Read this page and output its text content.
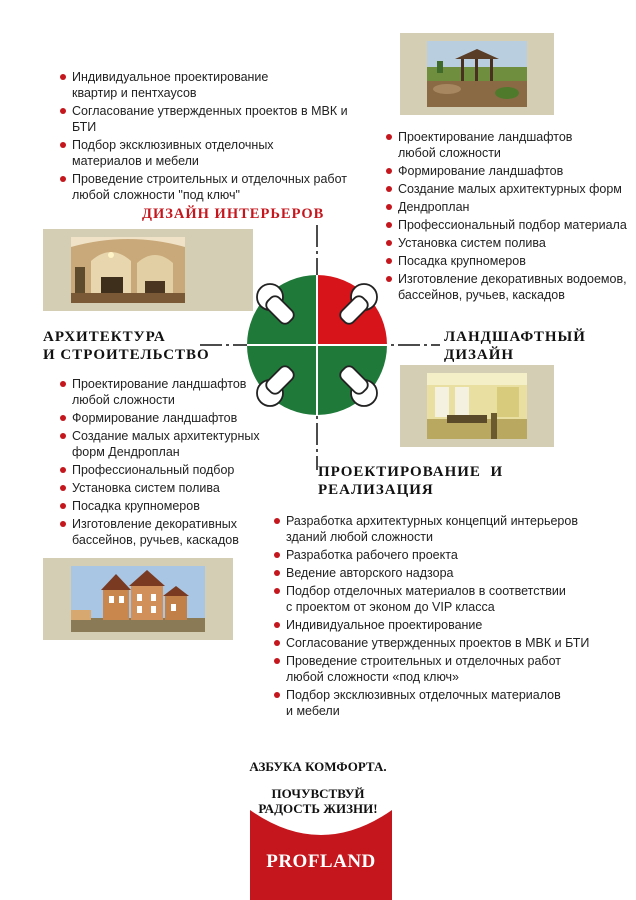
Индивидуальное проектирование
квартир и пентхаусов
Согласование утвержденных проектов в МВК и БТИ
Подбор эксклюзивных отделочных
материалов и мебели
Проведение строительных и отделочных работ
любой сложности "под ключ"
Проектирование ландшафтов
любой сложности
Формирование ландшафтов
Создание малых архитектурных форм
Дендроплан
Профессиональный подбор материала
Установка систем полива
Посадка крупномеров
Изготовление декоративных водоемов,
бассейнов, ручьев, каскадов
ДИЗАЙН ИНТЕРЬЕРОВ
АРХИТЕКТУРА
И СТРОИТЕЛЬСТВО
ЛАНДШАФТНЫЙ
ДИЗАЙН
Проектирование ландшафтов
любой сложности
Формирование ландшафтов
Создание малых архитектурных
форм Дендроплан
Профессиональный подбор
Установка систем полива
Посадка крупномеров
Изготовление декоративных
бассейнов, ручьев, каскадов
ПРОЕКТИРОВАНИЕ  И
РЕАЛИЗАЦИЯ
Разработка архитектурных концепций интерьеров
зданий любой сложности
Разработка рабочего проекта
Ведение авторского надзора
Подбор отделочных материалов в соответствии
с проектом от эконом до VIP класса
Индивидуальное проектирование
Согласование утвержденных проектов в МВК и БТИ
Проведение строительных и отделочных работ
любой сложности «под ключ»
Подбор эксклюзивных отделочных материалов
и мебели
АЗБУКА КОМФОРТА.
ПОЧУВСТВУЙ
РАДОСТЬ ЖИЗНИ!
PROFLAND
